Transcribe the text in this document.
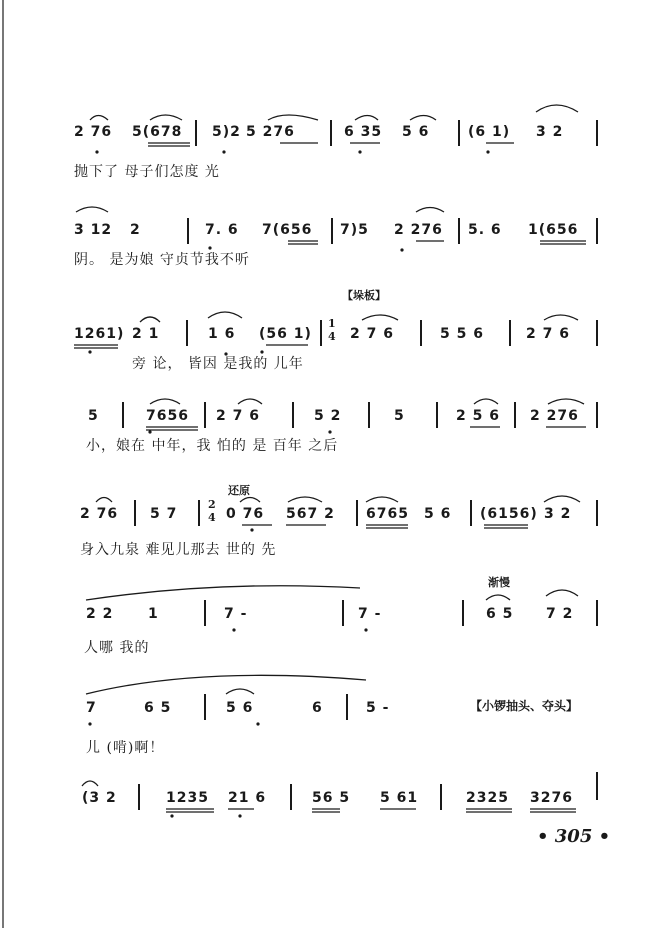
2 76 5(678 5)2 5 276	6 35 5 6	(6 1) 3 2
抛下了 母子们怎度 光
3 12 2	7. 6 7(656 7)5 2 276 5. 6 1(656
阴。 是为娘 守贞节我不听
【垛板】
1261) 2 1	1 6 (56 1)
1
4 2 7 6	5 5 6	2 7 6
旁 论， 皆因 是我的 儿年
5	7656 2 7 6	5 2	5	2 5 6 2 276
小，娘在 中年，我 怕的 是 百年 之后
还原
2 76 5 7
2
4 0 76 567 2 6765 5 6 (6156) 3 2
身入九泉 难见儿那去 世的 先
渐慢
2 2 1	7 -	7 -	6 5 7 2
人哪 我的
7	6 5	5 6	6	5 -	【小锣抽头、夺头】
儿 (啃)啊！
(3 2	1235 21 6	56 5 5 61	2325 3276
• 305 •
